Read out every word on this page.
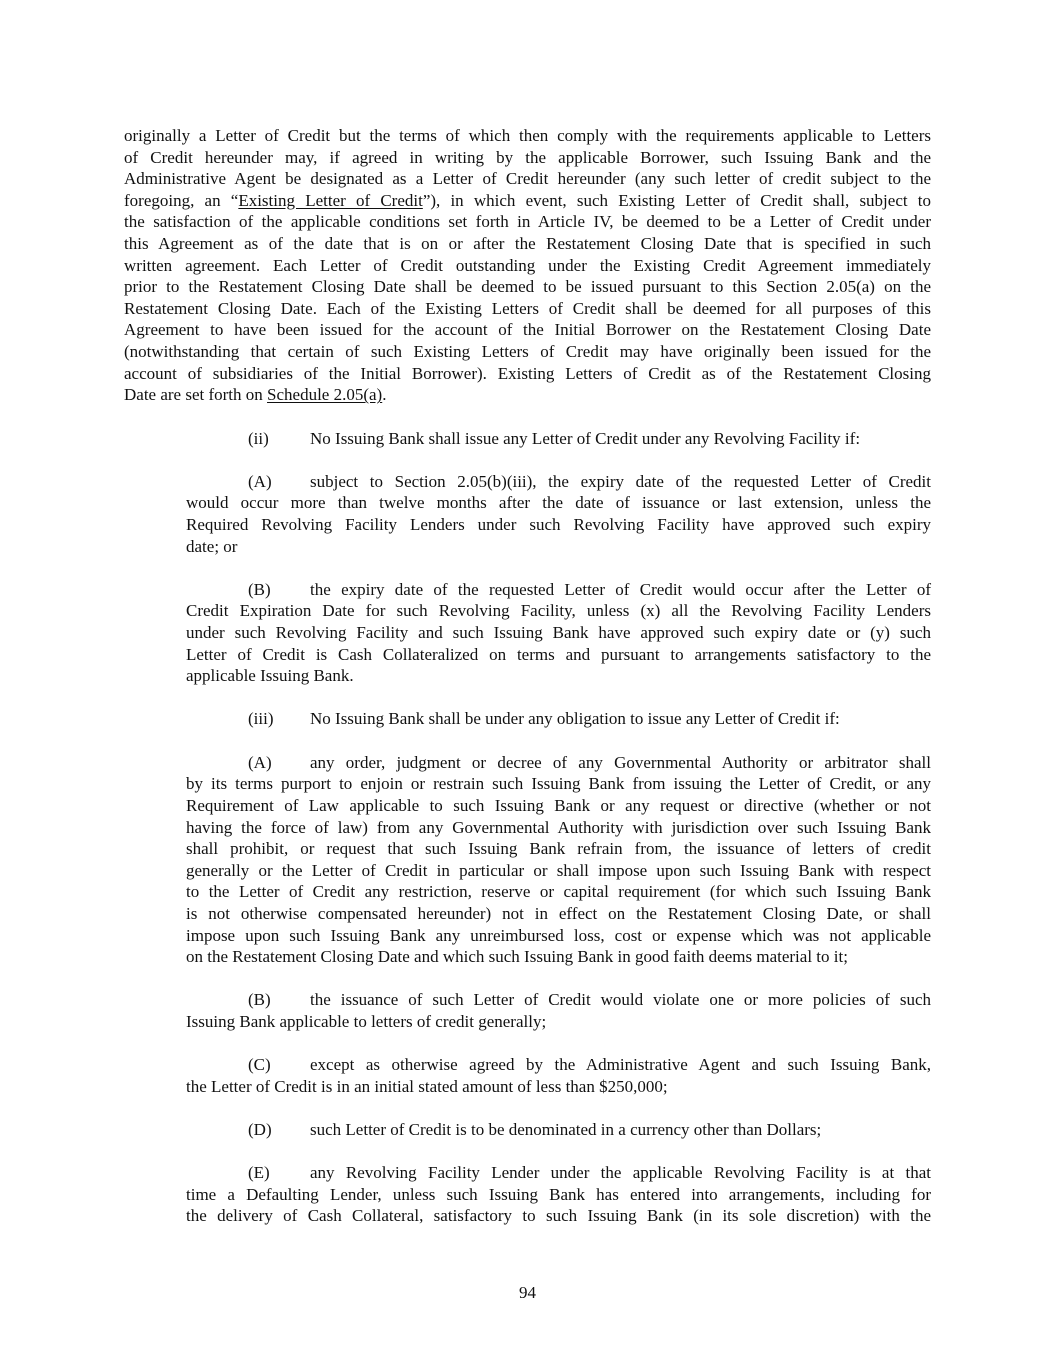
originally a Letter of Credit but the terms of which then comply with the requirements applicable to Letters
of Credit hereunder may, if agreed in writing by the applicable Borrower, such Issuing Bank and the
Administrative Agent be designated as a Letter of Credit hereunder (any such letter of credit subject to the
foregoing, an “Existing Letter of Credit”), in which event, such Existing Letter of Credit shall, subject to
the satisfaction of the applicable conditions set forth in Article IV, be deemed to be a Letter of Credit under
this Agreement as of the date that is on or after the Restatement Closing Date that is specified in such
written agreement. Each Letter of Credit outstanding under the Existing Credit Agreement immediately
prior to the Restatement Closing Date shall be deemed to be issued pursuant to this Section 2.05(a) on the
Restatement Closing Date. Each of the Existing Letters of Credit shall be deemed for all purposes of this
Agreement to have been issued for the account of the Initial Borrower on the Restatement Closing Date
(notwithstanding that certain of such Existing Letters of Credit may have originally been issued for the
account of subsidiaries of the Initial Borrower). Existing Letters of Credit as of the Restatement Closing
Date are set forth on Schedule 2.05(a).
(ii) No Issuing Bank shall issue any Letter of Credit under any Revolving Facility if:
(A) subject to Section 2.05(b)(iii), the expiry date of the requested Letter of Credit
would occur more than twelve months after the date of issuance or last extension, unless the
Required Revolving Facility Lenders under such Revolving Facility have approved such expiry
date; or
(B) the expiry date of the requested Letter of Credit would occur after the Letter of
Credit Expiration Date for such Revolving Facility, unless (x) all the Revolving Facility Lenders
under such Revolving Facility and such Issuing Bank have approved such expiry date or (y) such
Letter of Credit is Cash Collateralized on terms and pursuant to arrangements satisfactory to the
applicable Issuing Bank.
(iii) No Issuing Bank shall be under any obligation to issue any Letter of Credit if:
(A) any order, judgment or decree of any Governmental Authority or arbitrator shall
by its terms purport to enjoin or restrain such Issuing Bank from issuing the Letter of Credit, or any
Requirement of Law applicable to such Issuing Bank or any request or directive (whether or not
having the force of law) from any Governmental Authority with jurisdiction over such Issuing Bank
shall prohibit, or request that such Issuing Bank refrain from, the issuance of letters of credit
generally or the Letter of Credit in particular or shall impose upon such Issuing Bank with respect
to the Letter of Credit any restriction, reserve or capital requirement (for which such Issuing Bank
is not otherwise compensated hereunder) not in effect on the Restatement Closing Date, or shall
impose upon such Issuing Bank any unreimbursed loss, cost or expense which was not applicable
on the Restatement Closing Date and which such Issuing Bank in good faith deems material to it;
(B) the issuance of such Letter of Credit would violate one or more policies of such
Issuing Bank applicable to letters of credit generally;
(C) except as otherwise agreed by the Administrative Agent and such Issuing Bank,
the Letter of Credit is in an initial stated amount of less than $250,000;
(D) such Letter of Credit is to be denominated in a currency other than Dollars;
(E) any Revolving Facility Lender under the applicable Revolving Facility is at that
time a Defaulting Lender, unless such Issuing Bank has entered into arrangements, including for
the delivery of Cash Collateral, satisfactory to such Issuing Bank (in its sole discretion) with the
94
